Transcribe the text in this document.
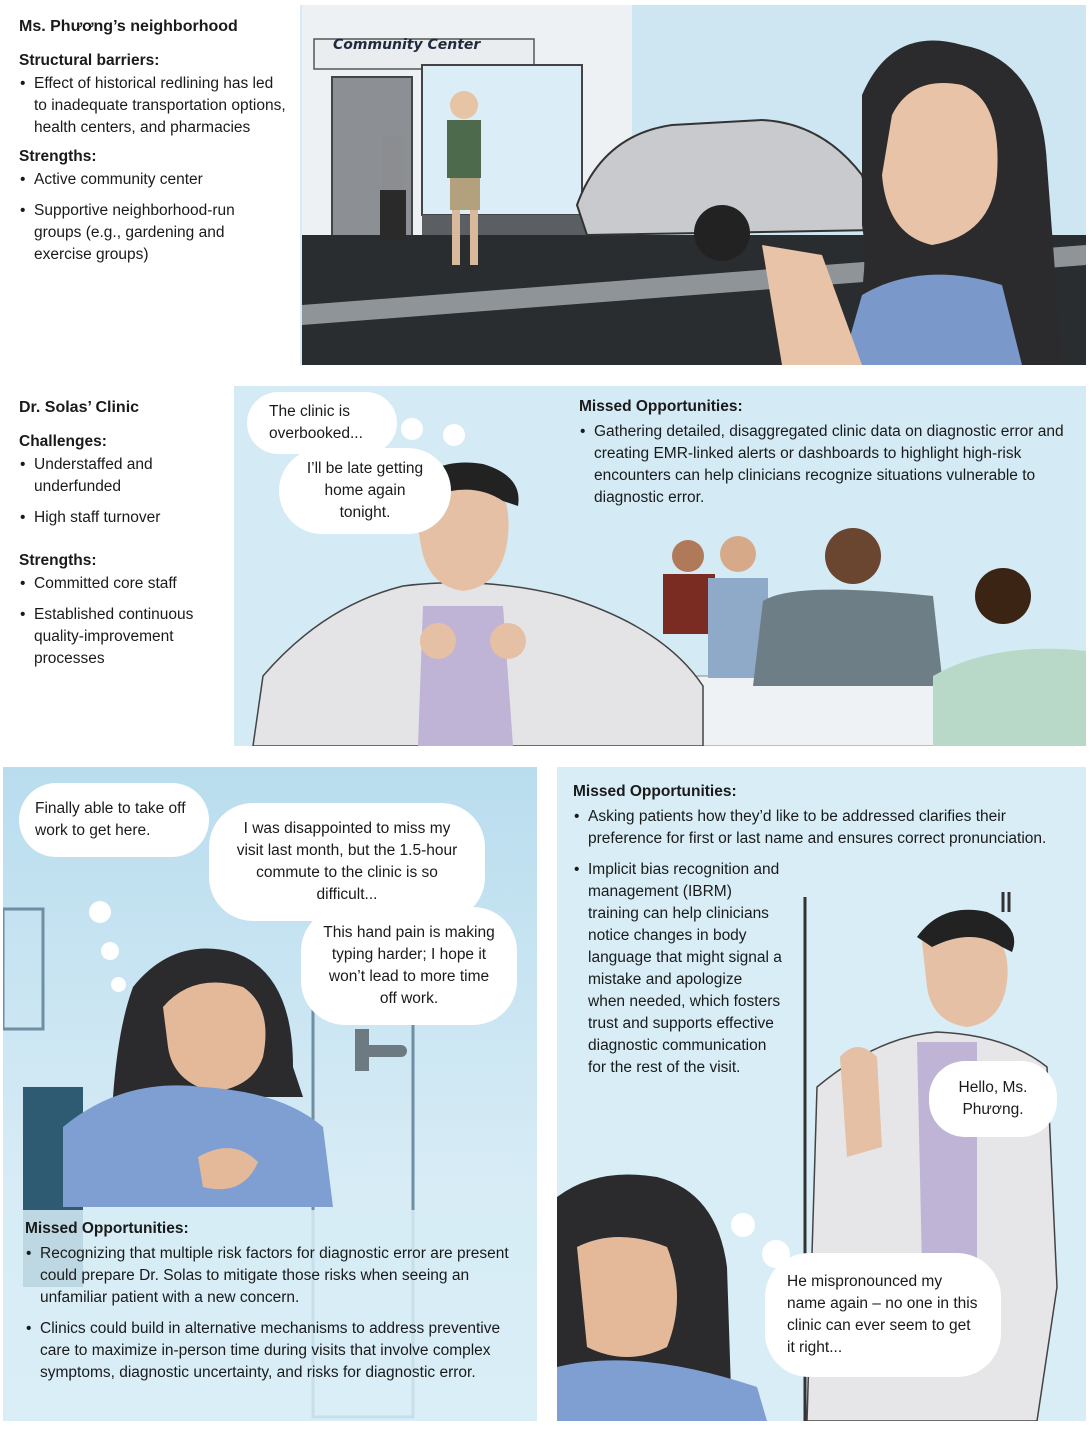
Community Center
Ms. Phương’s neighborhood
Structural barriers:
• Effect of historical redlining has led to inadequate transportation options, health centers, and pharmacies
Strengths:
• Active community center
• Supportive neighborhood-run groups (e.g., gardening and exercise groups)
Dr. Solas’ Clinic
Challenges:
• Understaffed and underfunded
• High staff turnover
Strengths:
• Committed core staff
• Established continuous quality-improvement processes
The clinic is overbooked...
I’ll be late getting home again tonight.
Missed Opportunities:
• Gathering detailed, disaggregated clinic data on diagnostic error and creating EMR-linked alerts or dashboards to highlight high-risk encounters can help clinicians recognize situations vulnerable to diagnostic error.
Finally able to take off work to get here.	I was disappointed to miss my visit last month, but the 1.5-hour commute to the clinic is so difficult...
This hand pain is making typing harder; I hope it won’t lead to more time off work.
Missed Opportunities:
• Recognizing that multiple risk factors for diagnostic error are present could prepare Dr. Solas to mitigate those risks when seeing an unfamiliar patient with a new concern.
• Clinics could build in alternative mechanisms to address preventive care to maximize in-person time during visits that involve complex symptoms, diagnostic uncertainty, and risks for diagnostic error.
Missed Opportunities:
• Asking patients how they’d like to be addressed clarifies their preference for first or last name and ensures correct pronunciation.
• Implicit bias recognition and management (IBRM) training can help clinicians notice changes in body language that might signal a mistake and apologize when needed, which fosters trust and supports effective diagnostic communication for the rest of the visit.
Hello, Ms. Phương.
He mispronounced my name again – no one in this clinic can ever seem to get it right...
